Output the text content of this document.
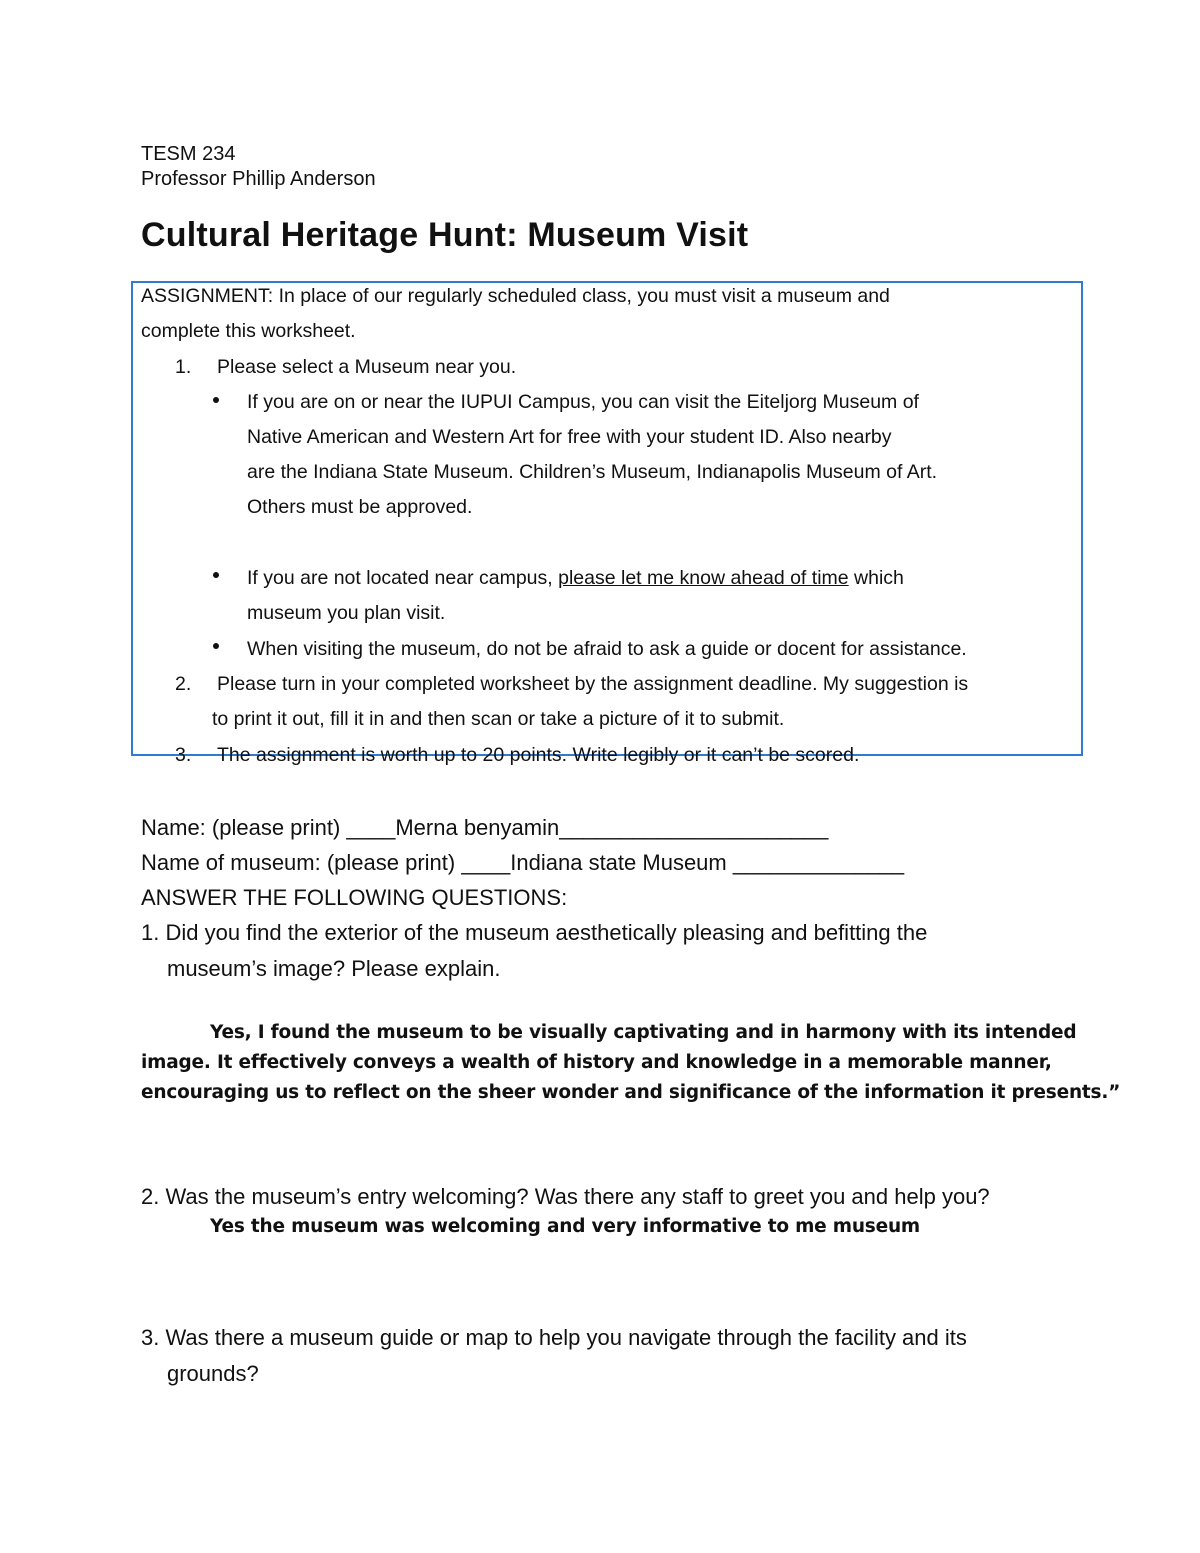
TESM 234
Professor Phillip Anderson
Cultural Heritage Hunt: Museum Visit
ASSIGNMENT: In place of our regularly scheduled class, you must visit a museum and
complete this worksheet.
1. Please select a Museum near you.
If you are on or near the IUPUI Campus, you can visit the Eiteljorg Museum of
Native American and Western Art for free with your student ID. Also nearby
are the Indiana State Museum. Children’s Museum, Indianapolis Museum of Art.
Others must be approved.
If you are not located near campus, please let me know ahead of time which
museum you plan visit.
When visiting the museum, do not be afraid to ask a guide or docent for assistance.
2. Please turn in your completed worksheet by the assignment deadline. My suggestion is
to print it out, fill it in and then scan or take a picture of it to submit.
3. The assignment is worth up to 20 points. Write legibly or it can’t be scored.
Name: (please print) ____Merna benyamin______________________
Name of museum: (please print) ____Indiana state Museum ______________
ANSWER THE FOLLOWING QUESTIONS:
1. Did you find the exterior of the museum aesthetically pleasing and befitting the
museum’s image? Please explain.
Yes, I found the museum to be visually captivating and in harmony with its intended
image. It effectively conveys a wealth of history and knowledge in a memorable manner,
encouraging us to reflect on the sheer wonder and significance of the information it presents.”
2. Was the museum’s entry welcoming? Was there any staff to greet you and help you?
Yes the museum was welcoming and very informative to me museum
3. Was there a museum guide or map to help you navigate through the facility and its
grounds?
